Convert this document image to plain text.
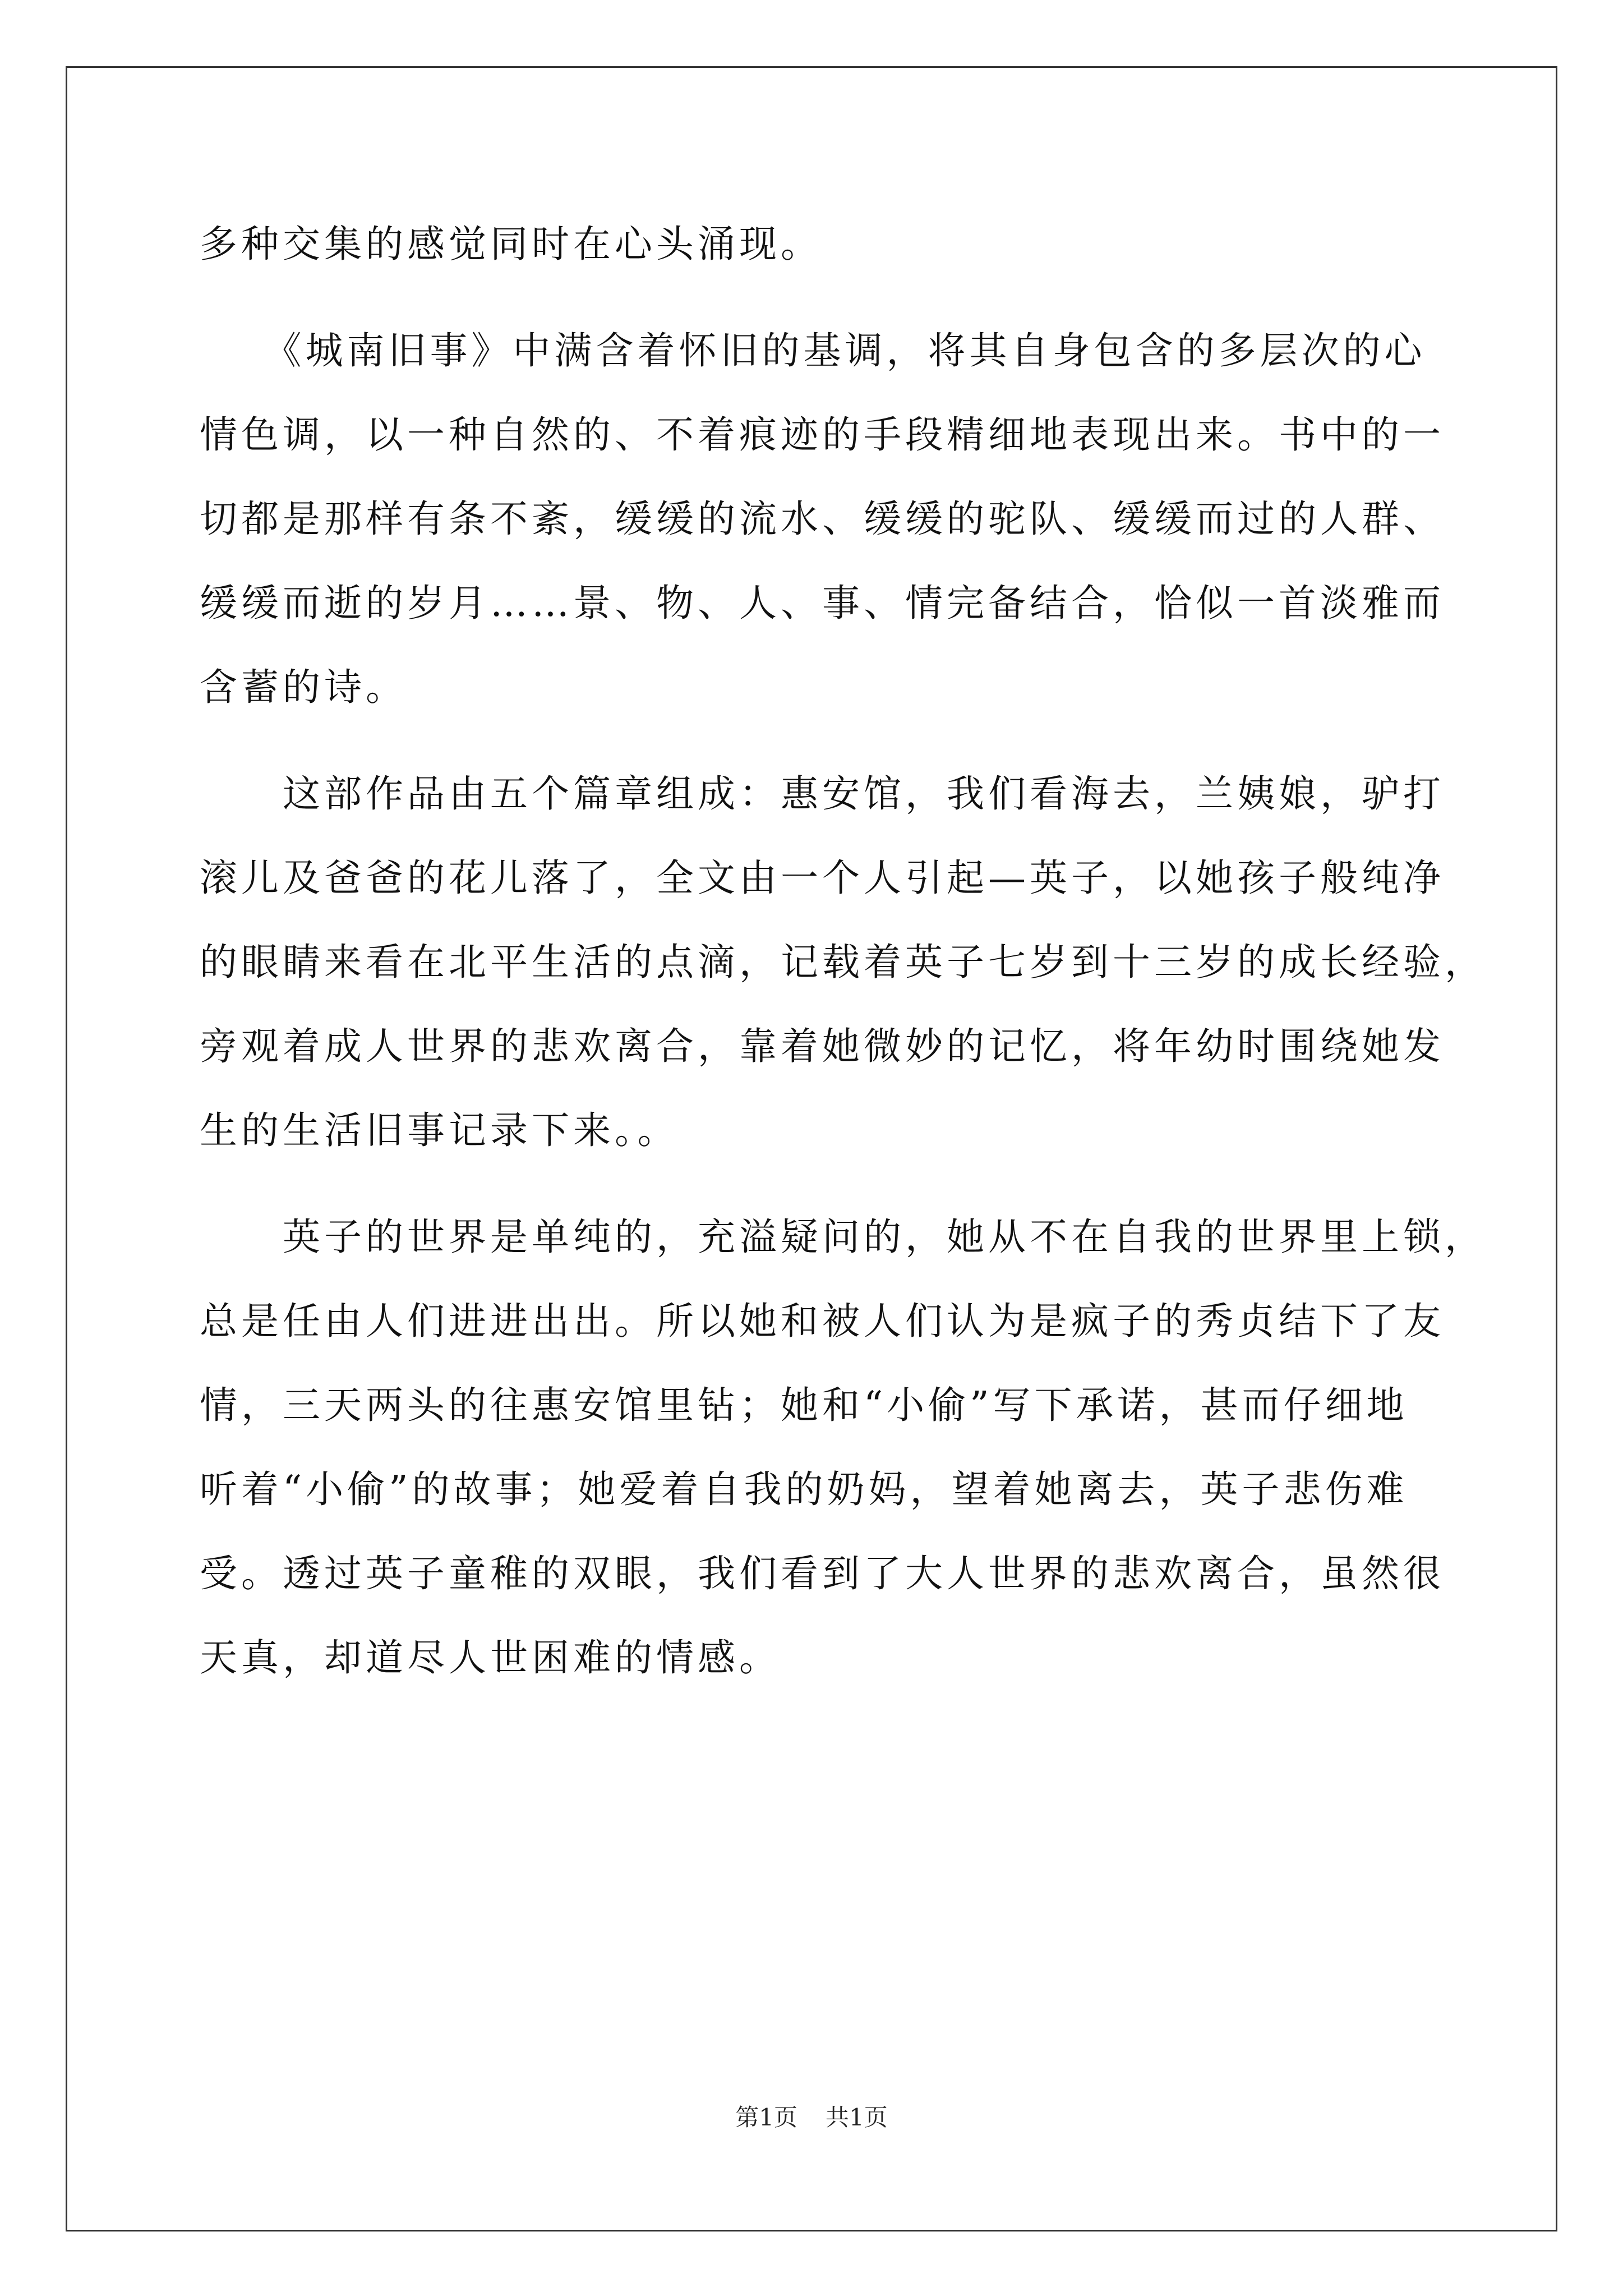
多种交集的感觉同时在心头涌现。
　　《城南旧事》中满含着怀旧的基调，将其自身包含的多层次的心
情色调，以一种自然的、不着痕迹的手段精细地表现出来。书中的一
切都是那样有条不紊，缓缓的流水、缓缓的驼队、缓缓而过的人群、
缓缓而逝的岁月……景、物、人、事、情完备结合，恰似一首淡雅而
含蓄的诗。
　　这部作品由五个篇章组成：惠安馆，我们看海去，兰姨娘，驴打
滚儿及爸爸的花儿落了，全文由一个人引起—英子，以她孩子般纯净
的眼睛来看在北平生活的点滴，记载着英子七岁到十三岁的成长经验，
旁观着成人世界的悲欢离合，靠着她微妙的记忆，将年幼时围绕她发
生的生活旧事记录下来。。
　　英子的世界是单纯的，充溢疑问的，她从不在自我的世界里上锁，
总是任由人们进进出出。所以她和被人们认为是疯子的秀贞结下了友
情，三天两头的往惠安馆里钻；她和“小偷”写下承诺，甚而仔细地
听着“小偷”的故事；她爱着自我的奶妈，望着她离去，英子悲伤难
受。透过英子童稚的双眼，我们看到了大人世界的悲欢离合，虽然很
天真，却道尽人世困难的情感。
第1页 共1页
